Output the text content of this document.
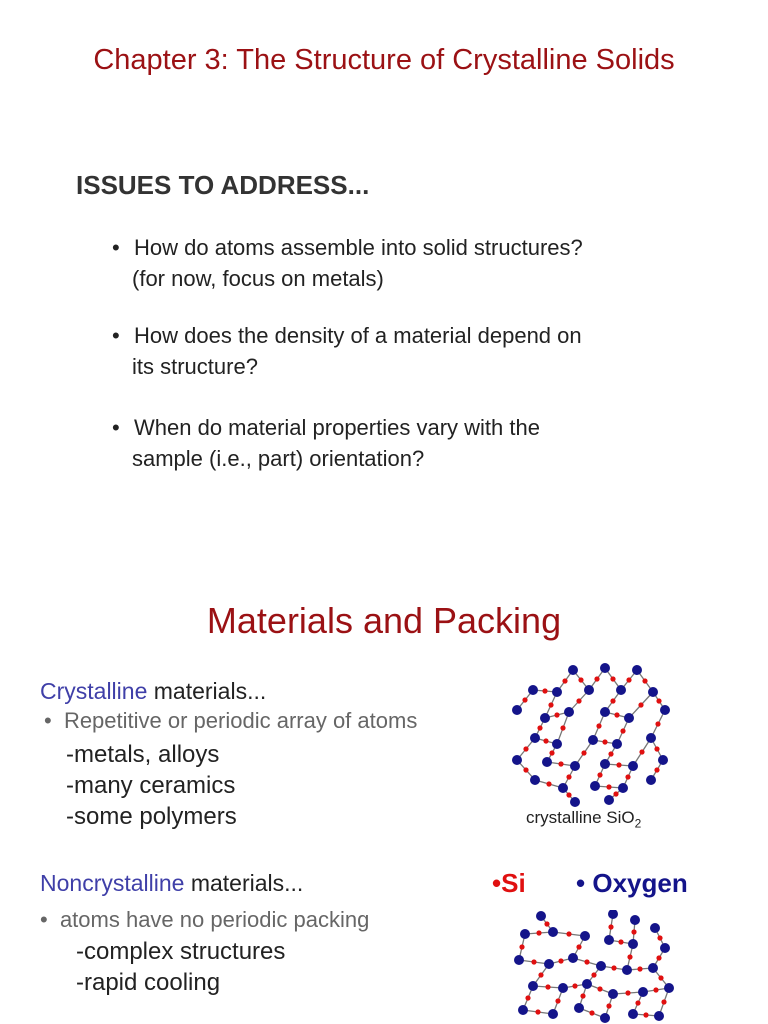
Chapter 3: The Structure of Crystalline Solids
ISSUES TO ADDRESS...
• How do atoms assemble into solid structures?
(for now, focus on metals)
• How does the density of a material depend on
its structure?
• When do material properties vary with the
sample (i.e., part) orientation?
Materials and Packing
Crystalline materials...
•  Repetitive or periodic array of atoms
-metals, alloys
-many ceramics
-some polymers	crystalline SiO$_2$
Noncrystalline materials...
•  atoms have no periodic packing
-complex structures
-rapid cooling
•Si • Oxygen
